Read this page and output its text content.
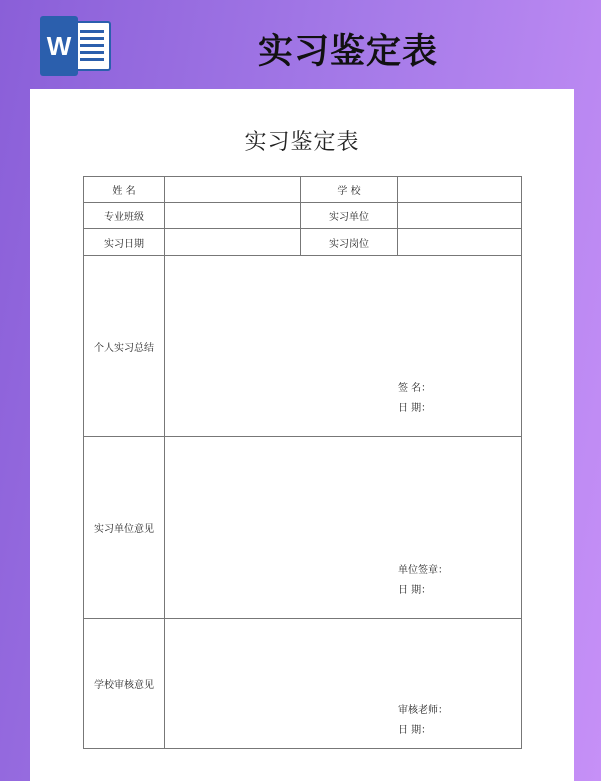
W	实习鉴定表
实习鉴定表
姓 名		学 校	
专业班级		实习单位	
实习日期		实习岗位	
个人实习总结	签 名：
日 期：		

实习单位意见	单位签章：
日 期：		

学校审核意见	审核老师：
日 期：		
